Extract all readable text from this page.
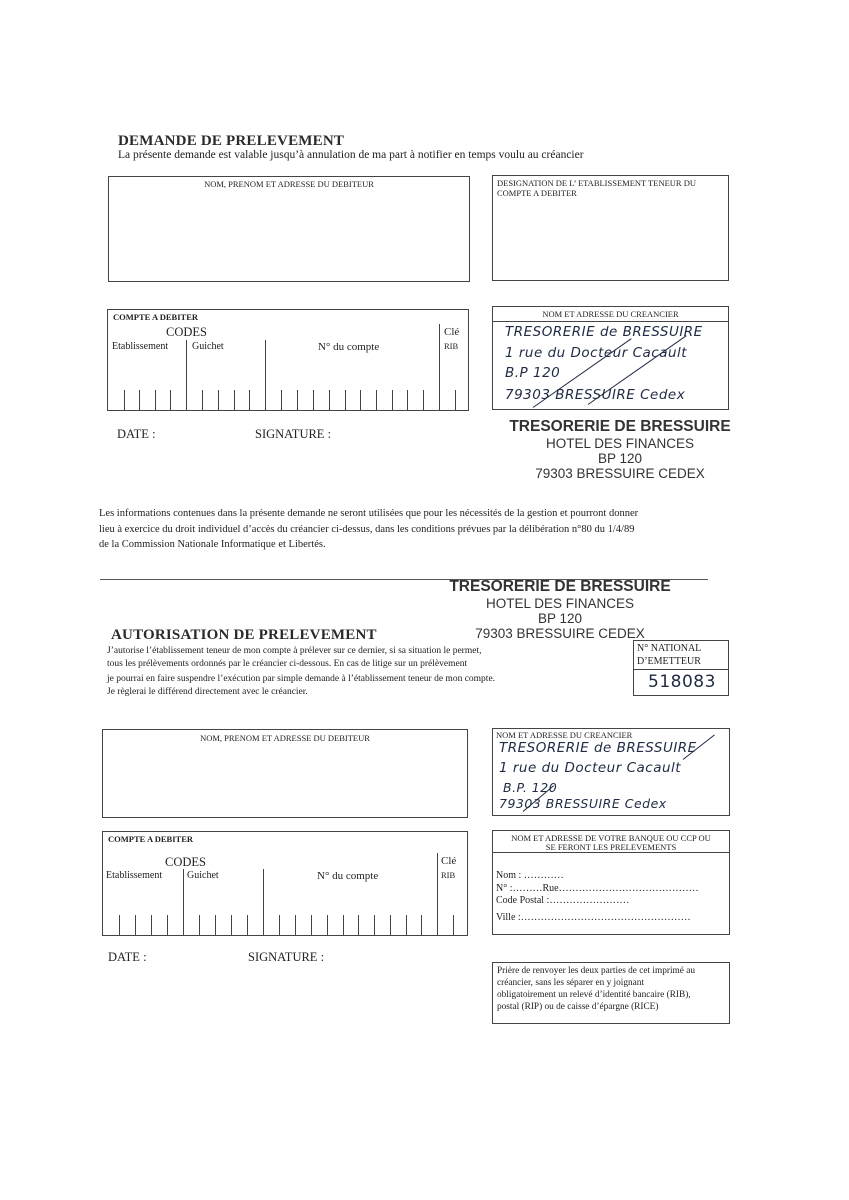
DEMANDE DE PRELEVEMENT
La présente demande est valable jusqu’à annulation de ma part à notifier en temps voulu au créancier
NOM, PRENOM ET ADRESSE DU DEBITEUR	DESIGNATION DE L’ ETABLISSEMENT TENEUR DU
COMPTE A DEBITER
COMPTE A DEBITER
CODES
Etablissement Guichet	N° du compte
Clé
RIB
NOM ET ADRESSE DU CREANCIER
TRESORERIE de BRESSUIRE
1 rue du Docteur Cacault
B.P 120
79303 BRESSUIRE Cedex
DATE :	SIGNATURE :	TRESORERIE DE BRESSUIRE
HOTEL DES FINANCES
BP 120
79303 BRESSUIRE CEDEX
Les informations contenues dans la présente demande ne seront utilisées que pour les nécessités de la gestion et pourront donner
lieu à exercice du droit individuel d’accès du créancier ci-dessus, dans les conditions prévues par la délibération n°80 du 1/4/89
de la Commission Nationale Informatique et Libertés.
TRESORERIE DE BRESSUIRE
HOTEL DES FINANCES
BP 120
79303 BRESSUIRE CEDEX
AUTORISATION DE PRELEVEMENT
J’autorise l’établissement teneur de mon compte à prélever sur ce dernier, si sa situation le permet,
tous les prélèvements ordonnés par le créancier ci-dessous. En cas de litige sur un prélèvement
je pourrai en faire suspendre l’exécution par simple demande à l’établissement teneur de mon compte.
Je règlerai le différend directement avec le créancier.
N° NATIONAL
D’EMETTEUR
518083
NOM, PRENOM ET ADRESSE DU DEBITEUR	NOM ET ADRESSE DU CREANCIER
TRESORERIE de BRESSUIRE
1 rue du Docteur Cacault
B.P. 120
79303 BRESSUIRE Cedex
COMPTE A DEBITER
CODES
Etablissement Guichet	N° du compte
Clé
RIB
NOM ET ADRESSE DE VOTRE BANQUE OU CCP OU
SE FERONT LES PRELEVEMENTS
Nom : …………
N° :………Rue……………………………………
Code Postal :……………………
Ville :……………………………………………
DATE :	SIGNATURE :
Prière de renvoyer les deux parties de cet imprimé au
créancier, sans les séparer en y joignant
obligatoirement un relevé d’identité bancaire (RIB),
postal (RIP) ou de caisse d’épargne (RICE)
